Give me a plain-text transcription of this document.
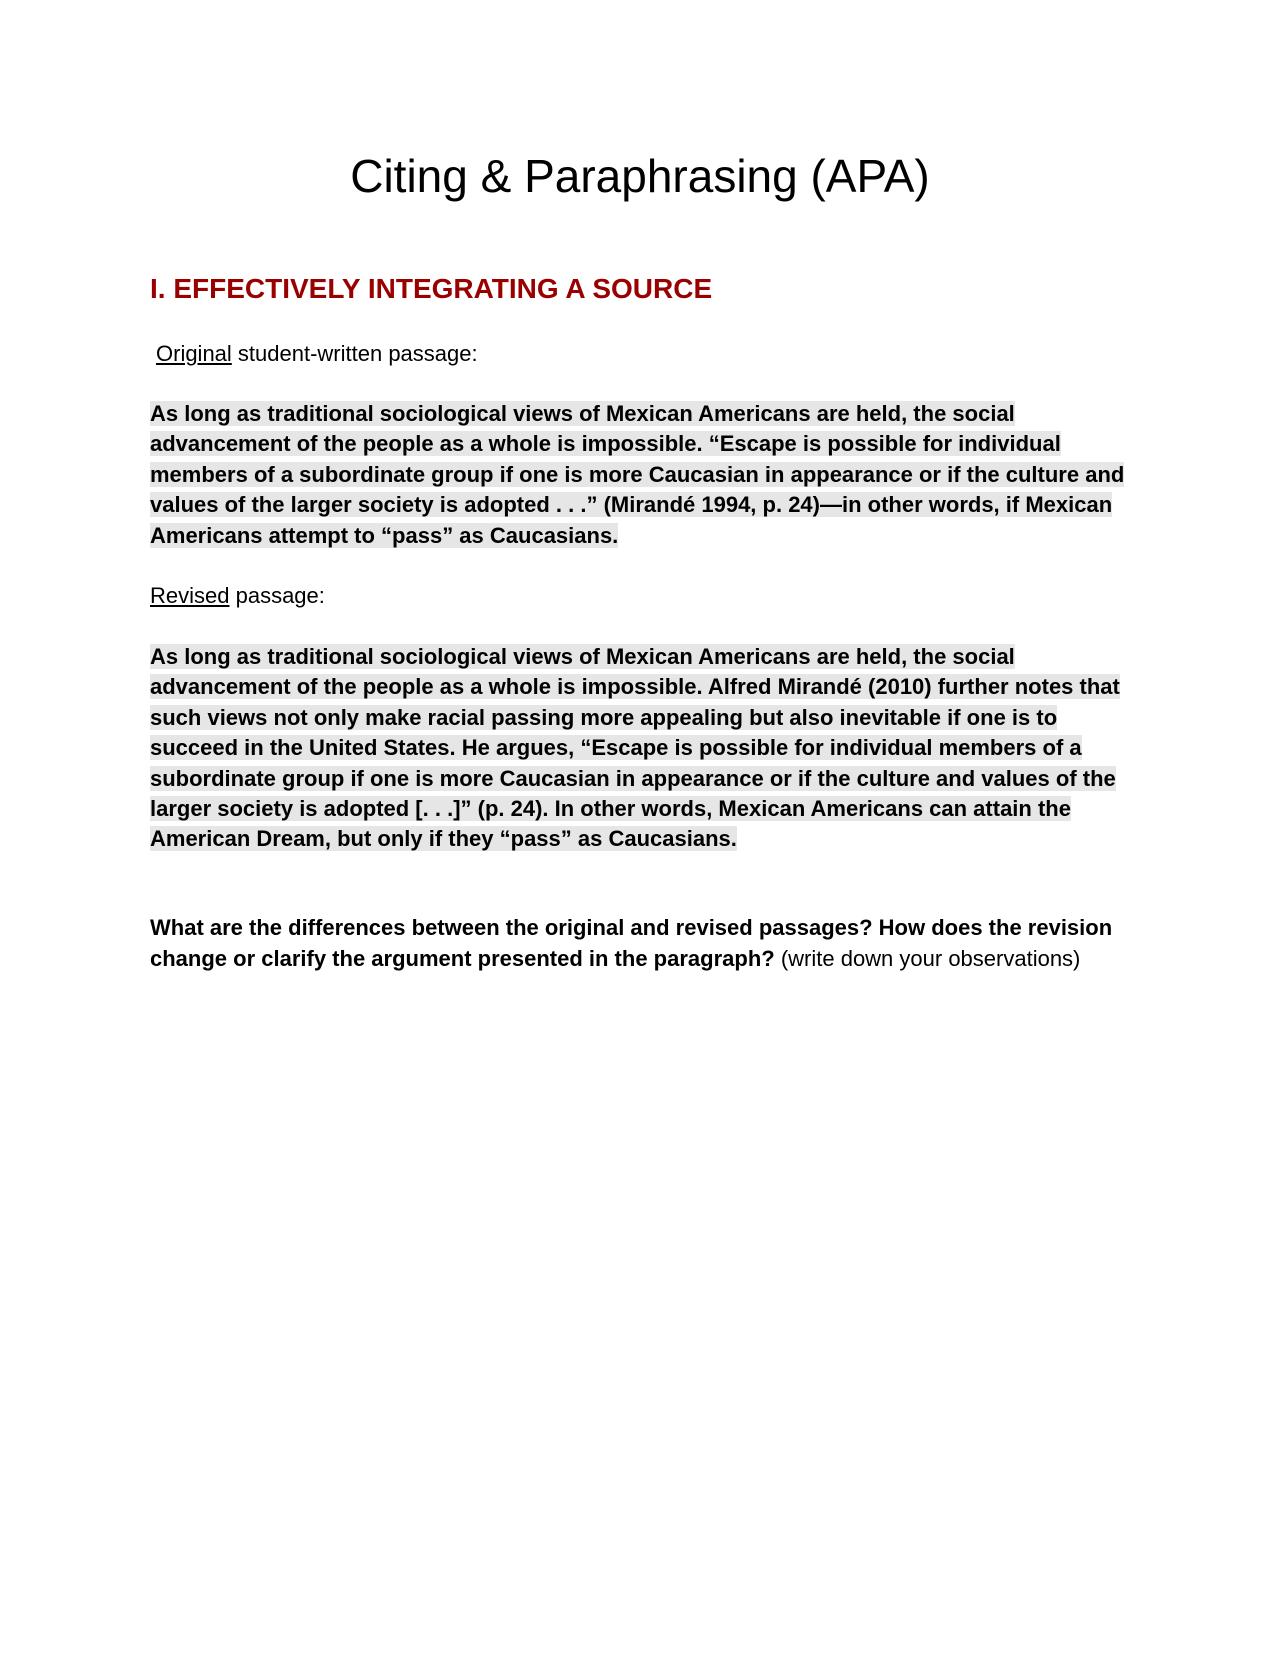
Citing & Paraphrasing (APA)
I. EFFECTIVELY INTEGRATING A SOURCE

Original student-written passage:

As long as traditional sociological views of Mexican Americans are held, the social advancement of the people as a whole is impossible. “Escape is possible for individual members of a subordinate group if one is more Caucasian in appearance or if the culture and values of the larger society is adopted . . .” (Mirandé 1994, p. 24)—in other words, if Mexican Americans attempt to “pass” as Caucasians.

Revised passage:

As long as traditional sociological views of Mexican Americans are held, the social advancement of the people as a whole is impossible. Alfred Mirandé (2010) further notes that such views not only make racial passing more appealing but also inevitable if one is to succeed in the United States. He argues, “Escape is possible for individual members of a subordinate group if one is more Caucasian in appearance or if the culture and values of the larger society is adopted [. . .]” (p. 24). In other words, Mexican Americans can attain the American Dream, but only if they “pass” as Caucasians.

What are the differences between the original and revised passages? How does the revision change or clarify the argument presented in the paragraph? (write down your observations)
